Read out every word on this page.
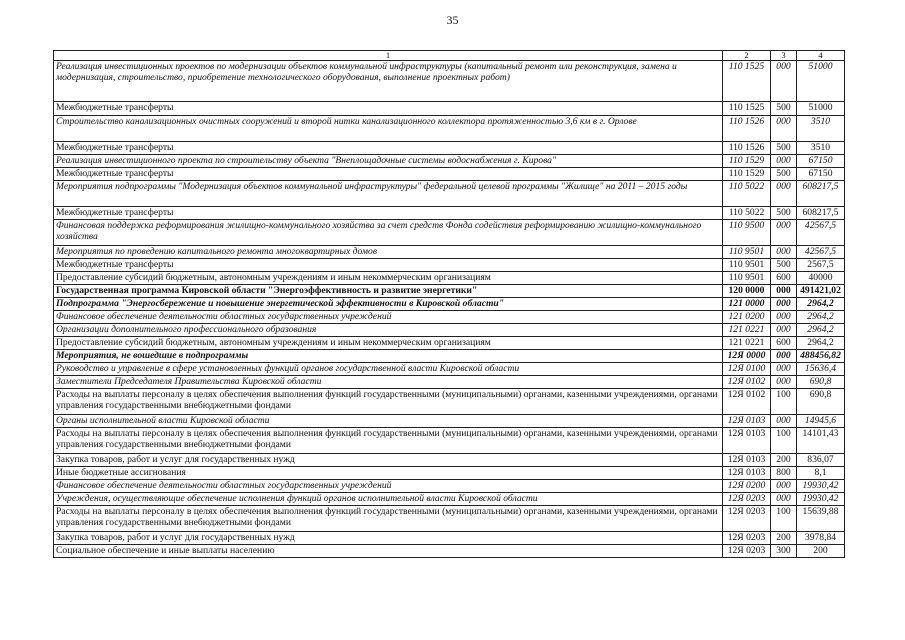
35
1	2	3	4
Реализация инвестиционных проектов по модернизации объектов коммунальной инфраструктуры (капитальный ремонт или реконструкция, замена и модернизация, строительство, приобретение технологического оборудования, выполнение проектных работ)	110 1525	000	51000
Межбюджетные трансферты	110 1525	500	51000
Строительство канализационных очистных сооружений и второй нитки канализационного коллектора протяженностью 3,6 км в г. Орлове	110 1526	000	3510
Межбюджетные трансферты	110 1526	500	3510
Реализация инвестиционного проекта по строительству объекта "Внеплощадочные системы водоснабжения г. Кирова"	110 1529	000	67150
Межбюджетные трансферты	110 1529	500	67150
Мероприятия подпрограммы "Модернизация объектов коммунальной инфраструктуры" федеральной целевой программы "Жилище" на 2011 – 2015 годы	110 5022	000	608217,5
Межбюджетные трансферты	110 5022	500	608217,5
Финансовая поддержка реформирования жилищно-коммунального хозяйства за счет средств Фонда содействия реформированию жилищно-коммунального хозяйства	110 9500	000	42567,5
Мероприятия по проведению капитального ремонта многоквартирных домов	110 9501	000	42567,5
Межбюджетные трансферты	110 9501	500	2567,5
Предоставление субсидий бюджетным, автономным учреждениям и иным некоммерческим организациям	110 9501	600	40000
Государственная программа Кировской области "Энергоэффективность и развитие энергетики"	120 0000	000	491421,02
Подпрограмма "Энергосбережение и повышение энергетической эффективности в Кировской области"	121 0000	000	2964,2
Финансовое обеспечение деятельности областных государственных учреждений	121 0200	000	2964,2
Организации дополнительного профессионального образования	121 0221	000	2964,2
Предоставление субсидий бюджетным, автономным учреждениям и иным некоммерческим организациям	121 0221	600	2964,2
Мероприятия, не вошедшие в подпрограммы	12Я 0000	000	488456,82
Руководство и управление в сфере установленных функций органов государственной власти Кировской области	12Я 0100	000	15636,4
Заместители Председателя Правительства Кировской области	12Я 0102	000	690,8
Расходы на выплаты персоналу в целях обеспечения выполнения функций государственными (муниципальными) органами, казенными учреждениями, органами управления государственными внебюджетными фондами	12Я 0102	100	690,8
Органы исполнительной власти Кировской области	12Я 0103	000	14945,6
Расходы на выплаты персоналу в целях обеспечения выполнения функций государственными (муниципальными) органами, казенными учреждениями, органами управления государственными внебюджетными фондами	12Я 0103	100	14101,43
Закупка товаров, работ и услуг для государственных нужд	12Я 0103	200	836,07
Иные бюджетные ассигнования	12Я 0103	800	8,1
Финансовое обеспечение деятельности областных государственных учреждений	12Я 0200	000	19930,42
Учреждения, осуществляющие обеспечение исполнения функций органов исполнительной власти Кировской области	12Я 0203	000	19930,42
Расходы на выплаты персоналу в целях обеспечения выполнения функций государственными (муниципальными) органами, казенными учреждениями, органами управления государственными внебюджетными фондами	12Я 0203	100	15639,88
Закупка товаров, работ и услуг для государственных нужд	12Я 0203	200	3978,84
Социальное обеспечение и иные выплаты населению	12Я 0203	300	200
